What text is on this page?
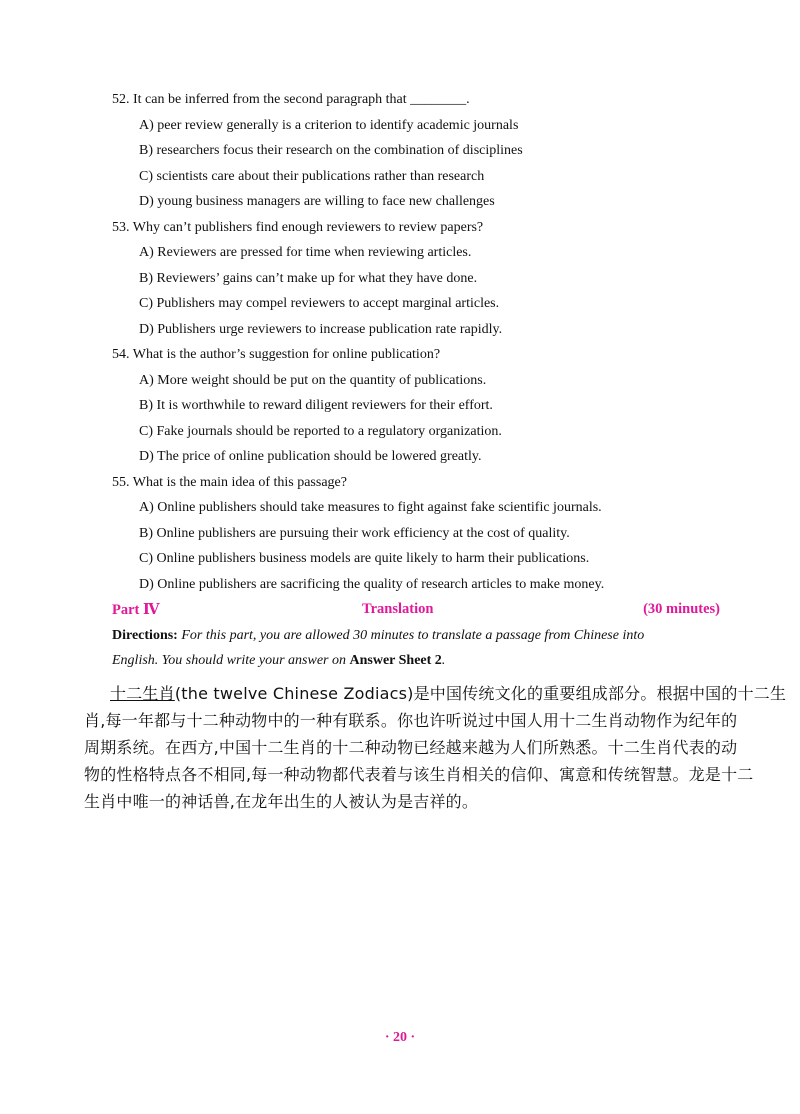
52. It can be inferred from the second paragraph that ________.
A) peer review generally is a criterion to identify academic journals
B) researchers focus their research on the combination of disciplines
C) scientists care about their publications rather than research
D) young business managers are willing to face new challenges
53. Why can’t publishers find enough reviewers to review papers?
A) Reviewers are pressed for time when reviewing articles.
B) Reviewers’ gains can’t make up for what they have done.
C) Publishers may compel reviewers to accept marginal articles.
D) Publishers urge reviewers to increase publication rate rapidly.
54. What is the author’s suggestion for online publication?
A) More weight should be put on the quantity of publications.
B) It is worthwhile to reward diligent reviewers for their effort.
C) Fake journals should be reported to a regulatory organization.
D) The price of online publication should be lowered greatly.
55. What is the main idea of this passage?
A) Online publishers should take measures to fight against fake scientific journals.
B) Online publishers are pursuing their work efficiency at the cost of quality.
C) Online publishers business models are quite likely to harm their publications.
D) Online publishers are sacrificing the quality of research articles to make money.
Part Ⅳ	Translation	(30 minutes)
Directions: For this part, you are allowed 30 minutes to translate a passage from Chinese into
English. You should write your answer on Answer Sheet 2.
十二生肖(the twelve Chinese Zodiacs)是中国传统文化的重要组成部分。根据中国的十二生
肖,每一年都与十二种动物中的一种有联系。你也许听说过中国人用十二生肖动物作为纪年的
周期系统。在西方,中国十二生肖的十二种动物已经越来越为人们所熟悉。十二生肖代表的动
物的性格特点各不相同,每一种动物都代表着与该生肖相关的信仰、寓意和传统智慧。龙是十二
生肖中唯一的神话兽,在龙年出生的人被认为是吉祥的。
· 20 ·
